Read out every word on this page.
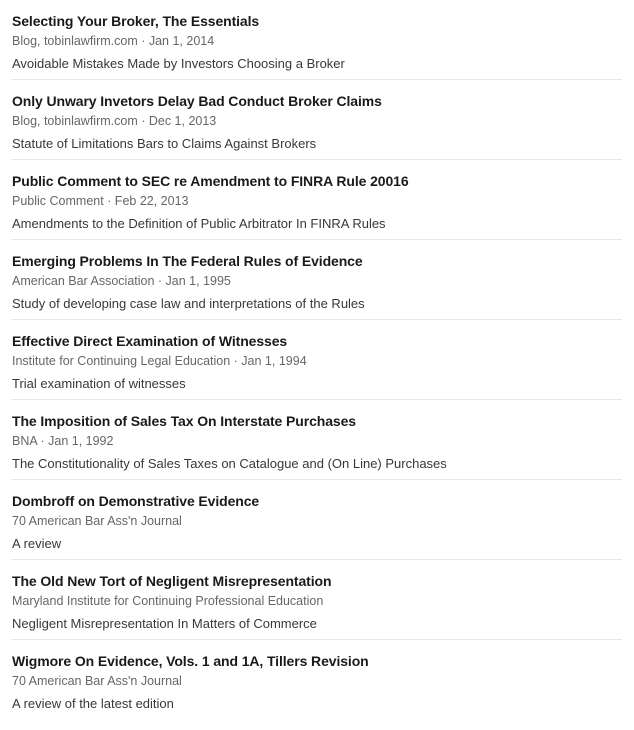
Selecting Your Broker, The Essentials
Blog, tobinlawfirm.com · Jan 1, 2014
Avoidable Mistakes Made by Investors Choosing a Broker
Only Unwary Invetors Delay Bad Conduct Broker Claims
Blog, tobinlawfirm.com · Dec 1, 2013
Statute of Limitations Bars to Claims Against Brokers
Public Comment to SEC re Amendment to FINRA Rule 20016
Public Comment · Feb 22, 2013
Amendments to the Definition of Public Arbitrator In FINRA Rules
Emerging Problems In The Federal Rules of Evidence
American Bar Association · Jan 1, 1995
Study of developing case law and interpretations of the Rules
Effective Direct Examination of Witnesses
Institute for Continuing Legal Education · Jan 1, 1994
Trial examination of witnesses
The Imposition of Sales Tax On Interstate Purchases
BNA · Jan 1, 1992
The Constitutionality of Sales Taxes on Catalogue and (On Line) Purchases
Dombroff on Demonstrative Evidence
70 American Bar Ass'n Journal
A review
The Old New Tort of Negligent Misrepresentation
Maryland Institute for Continuing Professional Education
Negligent Misrepresentation In Matters of Commerce
Wigmore On Evidence, Vols. 1 and 1A, Tillers Revision
70 American Bar Ass'n Journal
A review of the latest edition
